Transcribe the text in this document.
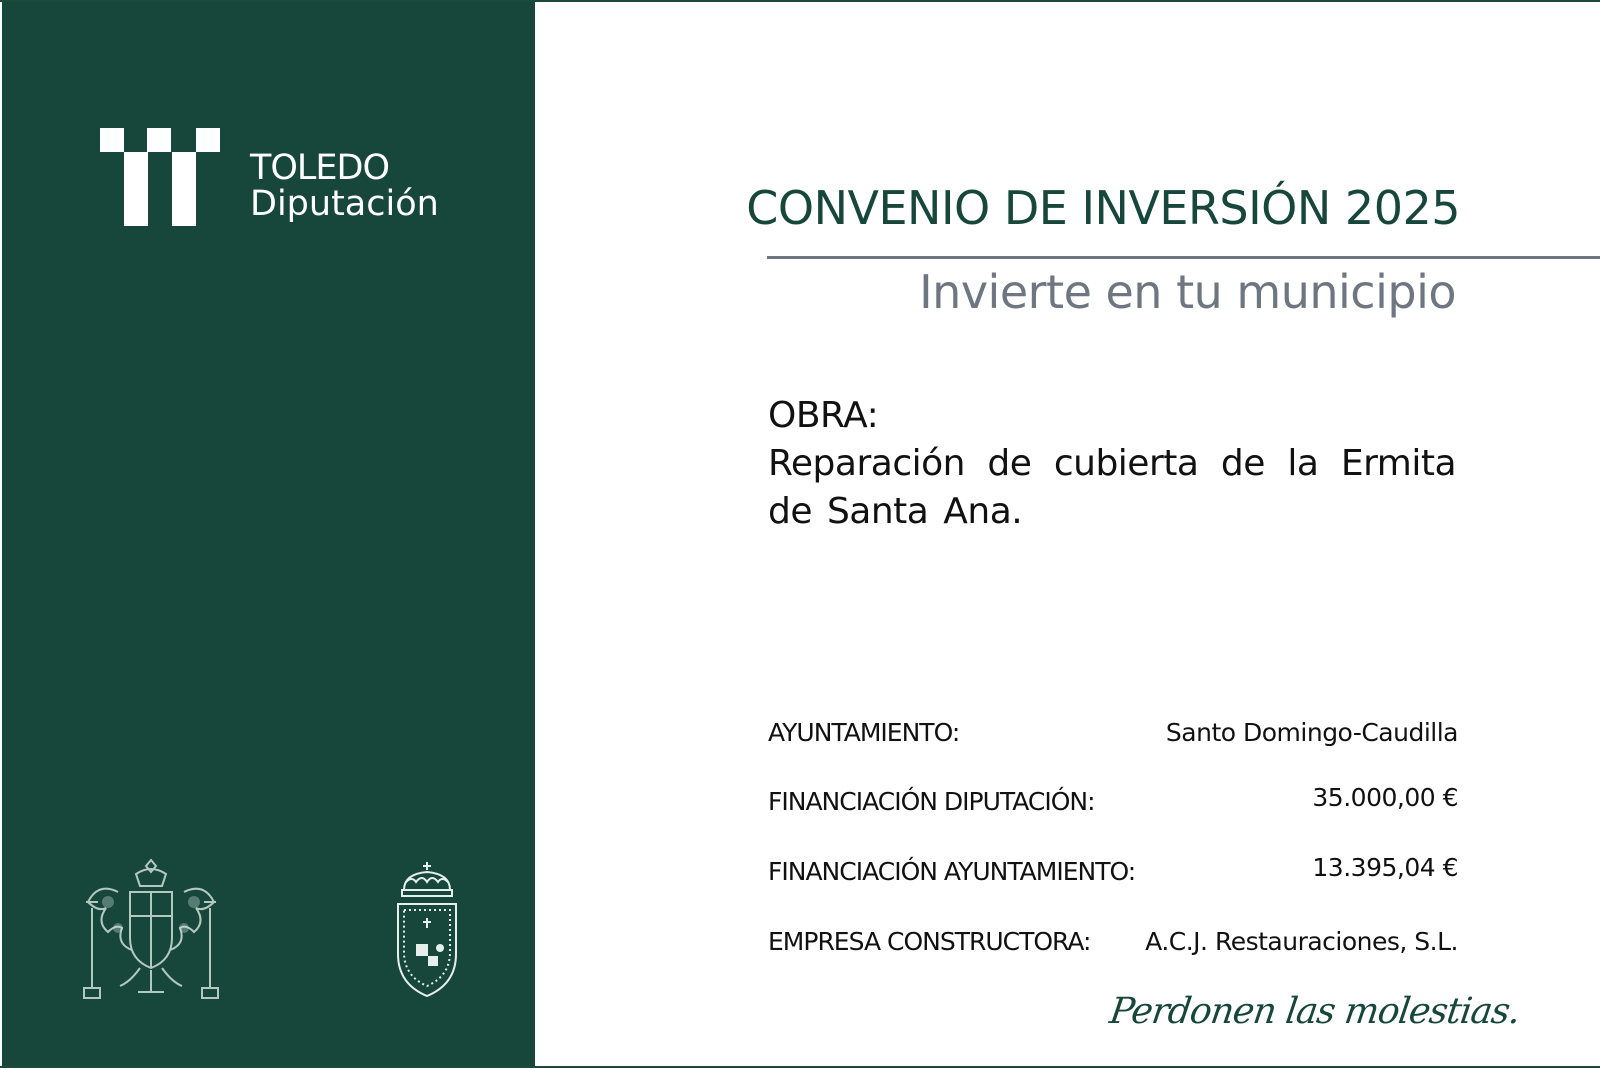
TOLEDO
Diputación	CONVENIO DE INVERSIÓN 2025
Invierte en tu municipio
OBRA:
Reparación de cubierta de la Ermita de Santa Ana.
AYUNTAMIENTO:	Santo Domingo-Caudilla
FINANCIACIÓN DIPUTACIÓN:	35.000,00 €
FINANCIACIÓN AYUNTAMIENTO:	13.395,04 €
EMPRESA CONSTRUCTORA: A.C.J. Restauraciones, S.L.
Perdonen las molestias.
